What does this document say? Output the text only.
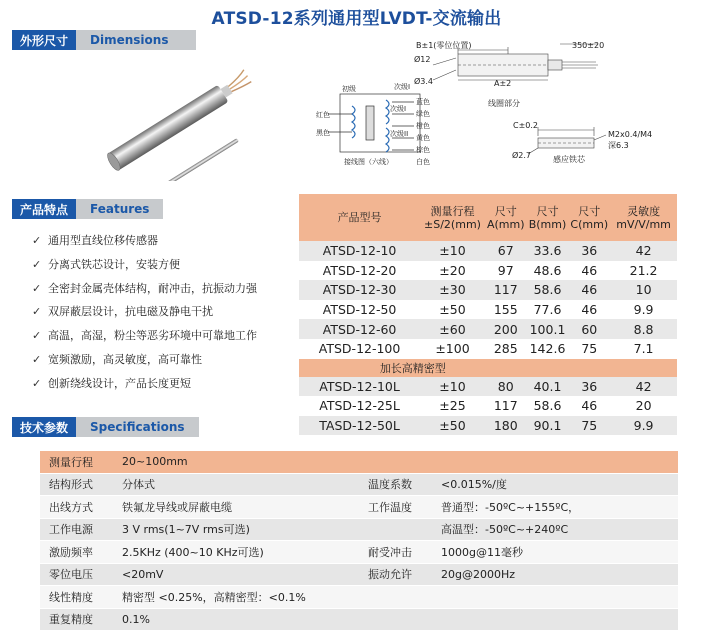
ATSD-12系列通用型LVDT-交流输出
外形尺寸	Dimensions	B±1(零位位置)	350±20
Ø12
Ø3.4	A±2
线圈部分
初级	次级I
次级I
次级II
红色
黑色
蓝色
绿色
橙色
黄色
棕色
白色
接线图（六线）
C±0.2
M2x0.4/M4
深6.3
Ø2.7	感应铁芯
产品特点	Features
✓ 通用型直线位移传感器
✓ 分离式铁芯设计，安装方便
✓ 全密封金属壳体结构，耐冲击，抗振动力强
✓ 双屏蔽层设计，抗电磁及静电干扰
✓ 高温，高湿，粉尘等恶劣环境中可靠地工作
✓ 宽频激励，高灵敏度，高可靠性
✓ 创新绕线设计，产品长度更短
产品型号	测量行程±S/2(mm)	尺寸A(mm)	尺寸B(mm)	尺寸C(mm)	灵敏度mV/V/mm
ATSD-12-10	±10	67	33.6	36	42
ATSD-12-20	±20	97	48.6	46	21.2
ATSD-12-30	±30	117	58.6	46	10
ATSD-12-50	±50	155	77.6	46	9.9
ATSD-12-60	±60	200	100.1	60	8.8
ATSD-12-100	±100	285	142.6	75	7.1
加长高精密型					
ATSD-12-10L	±10	80	40.1	36	42
ATSD-12-25L	±25	117	58.6	46	20
TASD-12-50L	±50	180	90.1	75	9.9
技术参数	Specifications
测量行程	20~100mm		
结构形式	分体式	温度系数	<0.015%/度
出线方式	铁氟龙导线或屏蔽电缆	工作温度	普通型：-50ºC~+155ºC，
工作电源	3 V rms(1~7V rms可选)		高温型：-50ºC~+240ºC
激励频率	2.5KHz (400~10 KHz可选)	耐受冲击	1000g@11毫秒
零位电压	<20mV	振动允许	20g@2000Hz
线性精度	精密型 <0.25%，高精密型：<0.1%		
重复精度	0.1%		
